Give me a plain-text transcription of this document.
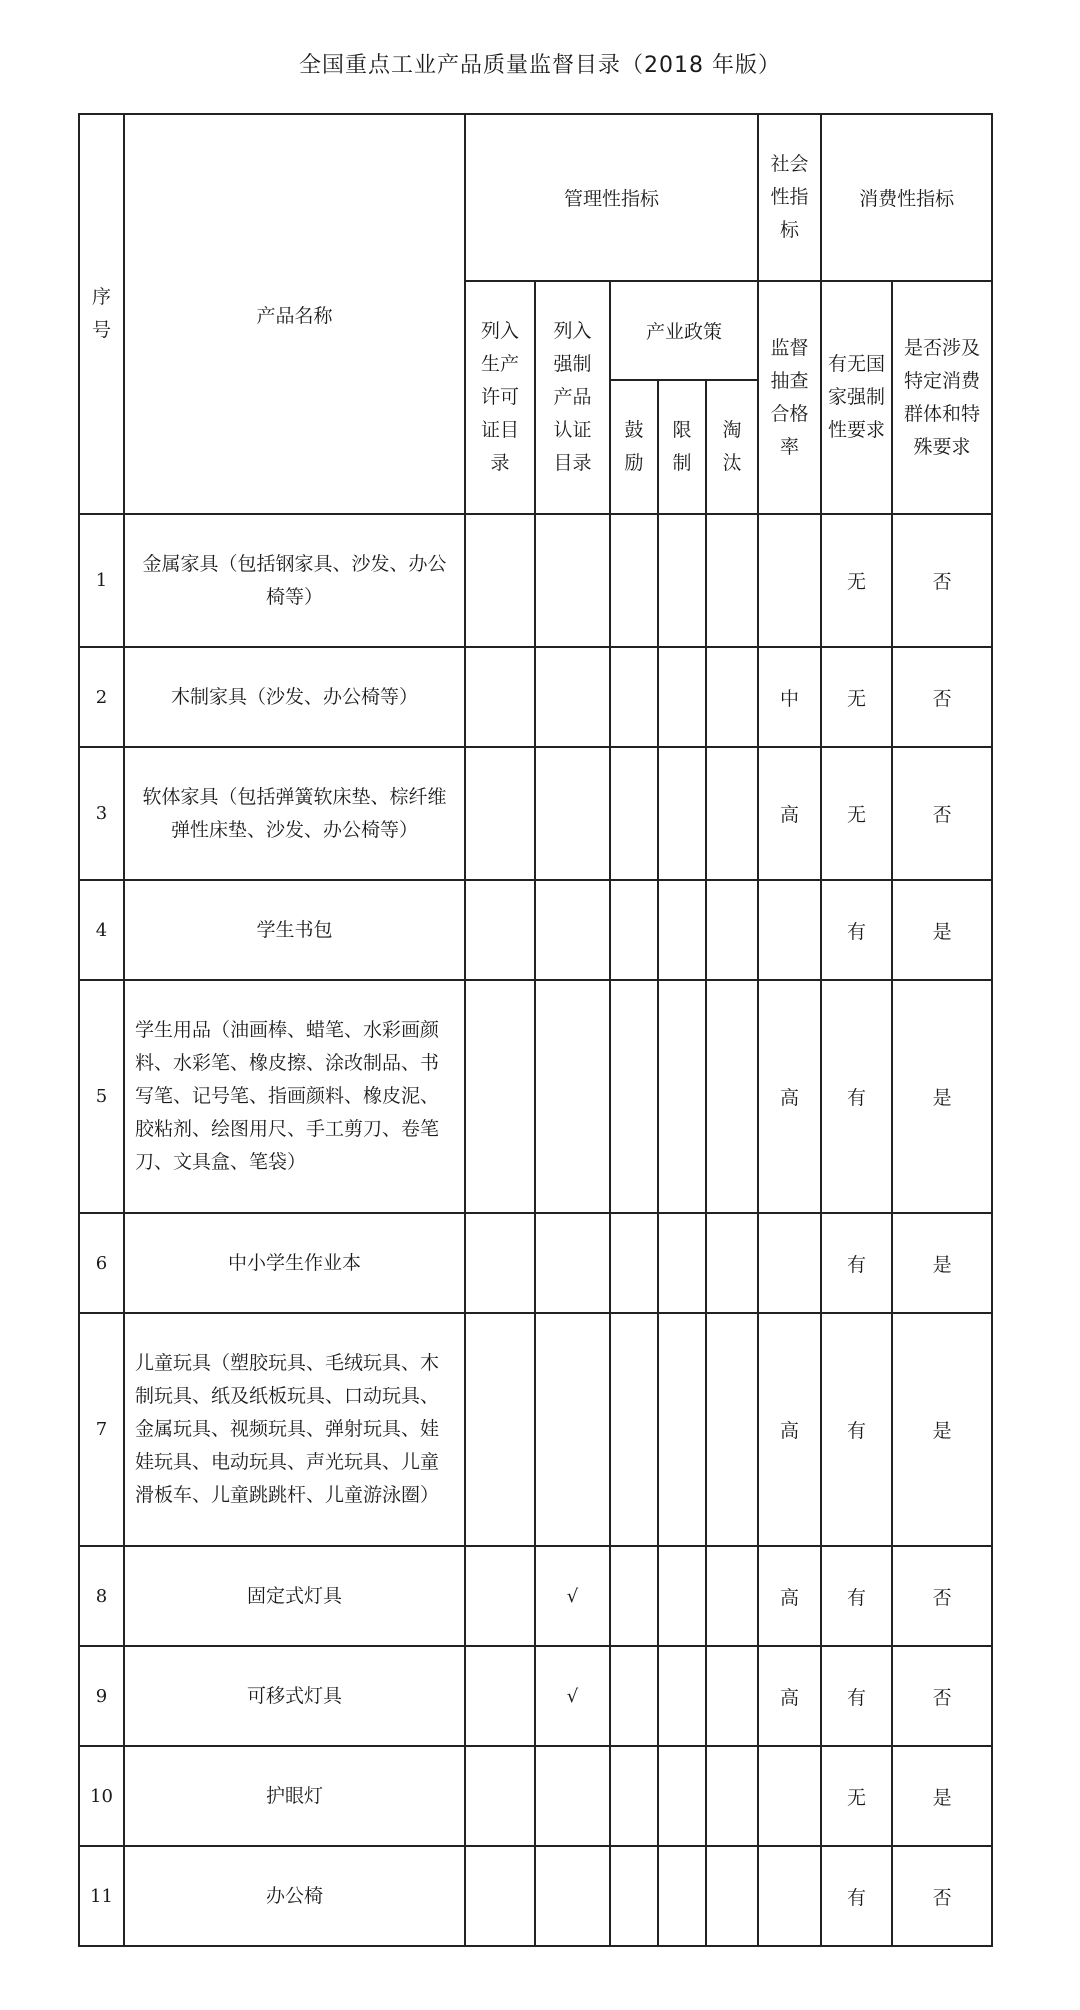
全国重点工业产品质量监督目录（2018 年版）
序号	产品名称	管理性指标					社会性指标	消费性指标	

		列入生产许可证目录	列入强制产品认证目录	产业政策			监督抽查合格率	有无国家强制性要求	是否涉及特定消费群体和特殊要求

				鼓励	限制	淘汰			

1	金属家具（包括钢家具、沙发、办公椅等）							无	否
2	木制家具（沙发、办公椅等）						中	无	否
3	软体家具（包括弹簧软床垫、棕纤维弹性床垫、沙发、办公椅等）						高	无	否
4	学生书包							有	是
5	学生用品（油画棒、蜡笔、水彩画颜料、水彩笔、橡皮擦、涂改制品、书写笔、记号笔、指画颜料、橡皮泥、胶粘剂、绘图用尺、手工剪刀、卷笔刀、文具盒、笔袋）						高	有	是
6	中小学生作业本							有	是
7	儿童玩具（塑胶玩具、毛绒玩具、木制玩具、纸及纸板玩具、口动玩具、金属玩具、视频玩具、弹射玩具、娃娃玩具、电动玩具、声光玩具、儿童滑板车、儿童跳跳杆、儿童游泳圈）						高	有	是
8	固定式灯具		√				高	有	否
9	可移式灯具		√				高	有	否
10	护眼灯							无	是
11	办公椅							有	否
